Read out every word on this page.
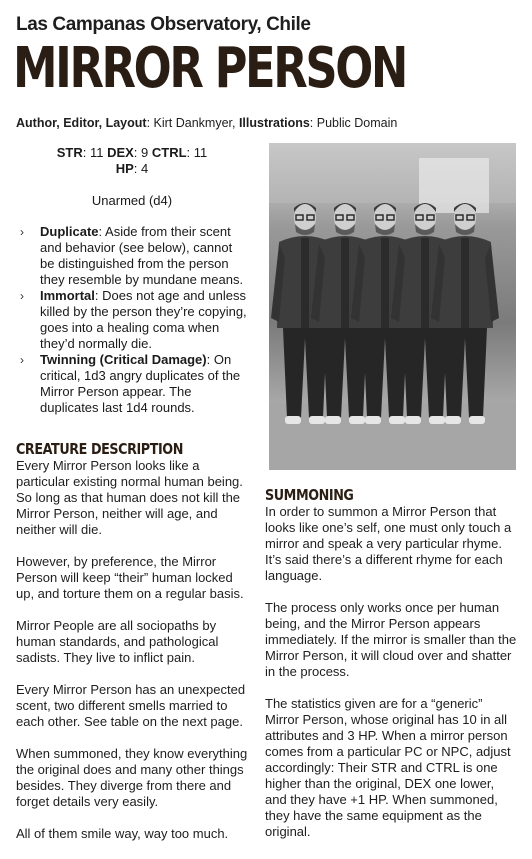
Las Campanas Observatory, Chile
MIRROR PERSON
Author, Editor, Layout: Kirt Dankmyer, Illustrations: Public Domain
STR: 11 DEX: 9 CTRL: 11
HP: 4
Unarmed (d4)
› Duplicate: Aside from their scent and behavior (see below), cannot be distinguished from the person they resemble by mundane means.
› Immortal: Does not age and unless killed by the person they’re copying, goes into a healing coma when they’d normally die.
› Twinning (Critical Damage): On critical, 1d3 angry duplicates of the Mirror Person appear. The duplicates last 1d4 rounds.
CREATURE DESCRIPTION

Every Mirror Person looks like a particular existing normal human being. So long as that human does not kill the Mirror Person, neither will age, and neither will die.

However, by preference, the Mirror Person will keep “their” human locked up, and torture them on a regular basis.

Mirror People are all sociopaths by human standards, and pathological sadists. They live to inflict pain.

Every Mirror Person has an unexpected scent, two different smells married to each other. See table on the next page.

When summoned, they know everything the original does and many other things besides. They diverge from there and forget details very easily.

All of them smile way, way too much.

SUMMONING

In order to summon a Mirror Person that looks like one’s self, one must only touch a mirror and speak a very particular rhyme. It’s said there’s a different rhyme for each language.

The process only works once per human being, and the Mirror Person appears immediately. If the mirror is smaller than the Mirror Person, it will cloud over and shatter in the process.

The statistics given are for a “generic” Mirror Person, whose original has 10 in all attributes and 3 HP. When a mirror person comes from a particular PC or NPC, adjust accordingly: Their STR and CTRL is one higher than the original, DEX one lower, and they have +1 HP. When summoned, they have the same equipment as the original.
